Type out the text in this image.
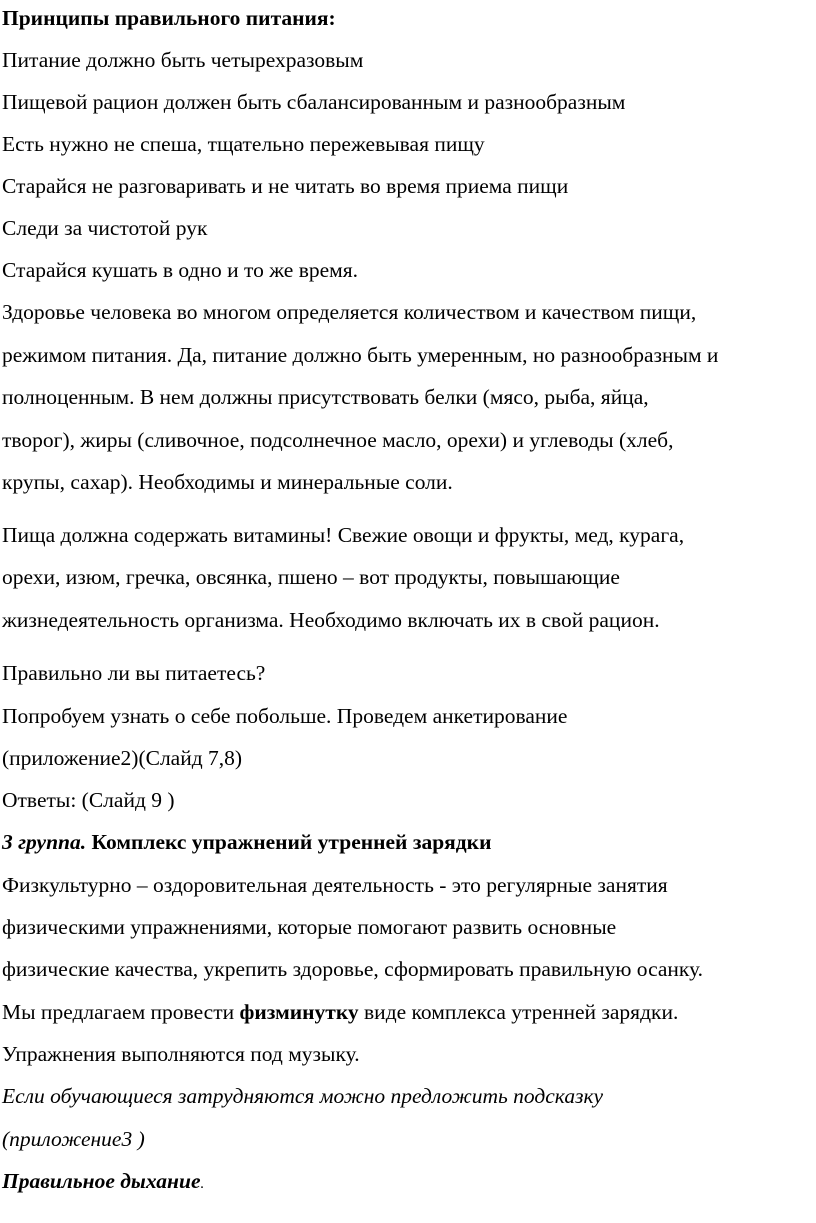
Принципы правильного питания:
Питание должно быть четырехразовым
Пищевой рацион должен быть сбалансированным и разнообразным
Есть нужно не спеша, тщательно пережевывая пищу
Старайся не разговаривать и не читать во время приема пищи
Следи за чистотой рук
Старайся кушать в одно и то же время.
Здоровье человека во многом определяется количеством и качеством пищи,
режимом питания. Да, питание должно быть умеренным, но разнообразным и
полноценным. В нем должны присутствовать белки (мясо, рыба, яйца,
творог), жиры (сливочное, подсолнечное масло, орехи) и углеводы (хлеб,
крупы, сахар). Необходимы и минеральные соли.
Пища должна содержать витамины! Свежие овощи и фрукты, мед, курага,
орехи, изюм, гречка, овсянка, пшено – вот продукты, повышающие
жизнедеятельность организма. Необходимо включать их в свой рацион.
Правильно ли вы питаетесь?
Попробуем узнать о себе побольше. Проведем анкетирование
(приложение2)(Слайд 7,8)
Ответы: (Слайд 9 )
3 группа. Комплекс упражнений утренней зарядки
Физкультурно – оздоровительная деятельность - это регулярные занятия
физическими упражнениями, которые помогают развить основные
физические качества, укрепить здоровье, сформировать правильную осанку.
Мы предлагаем провести физминутку виде комплекса утренней зарядки.
Упражнения выполняются под музыку.
Если обучающиеся затрудняются можно предложить подсказку
(приложение3 )
Правильное дыхание.
